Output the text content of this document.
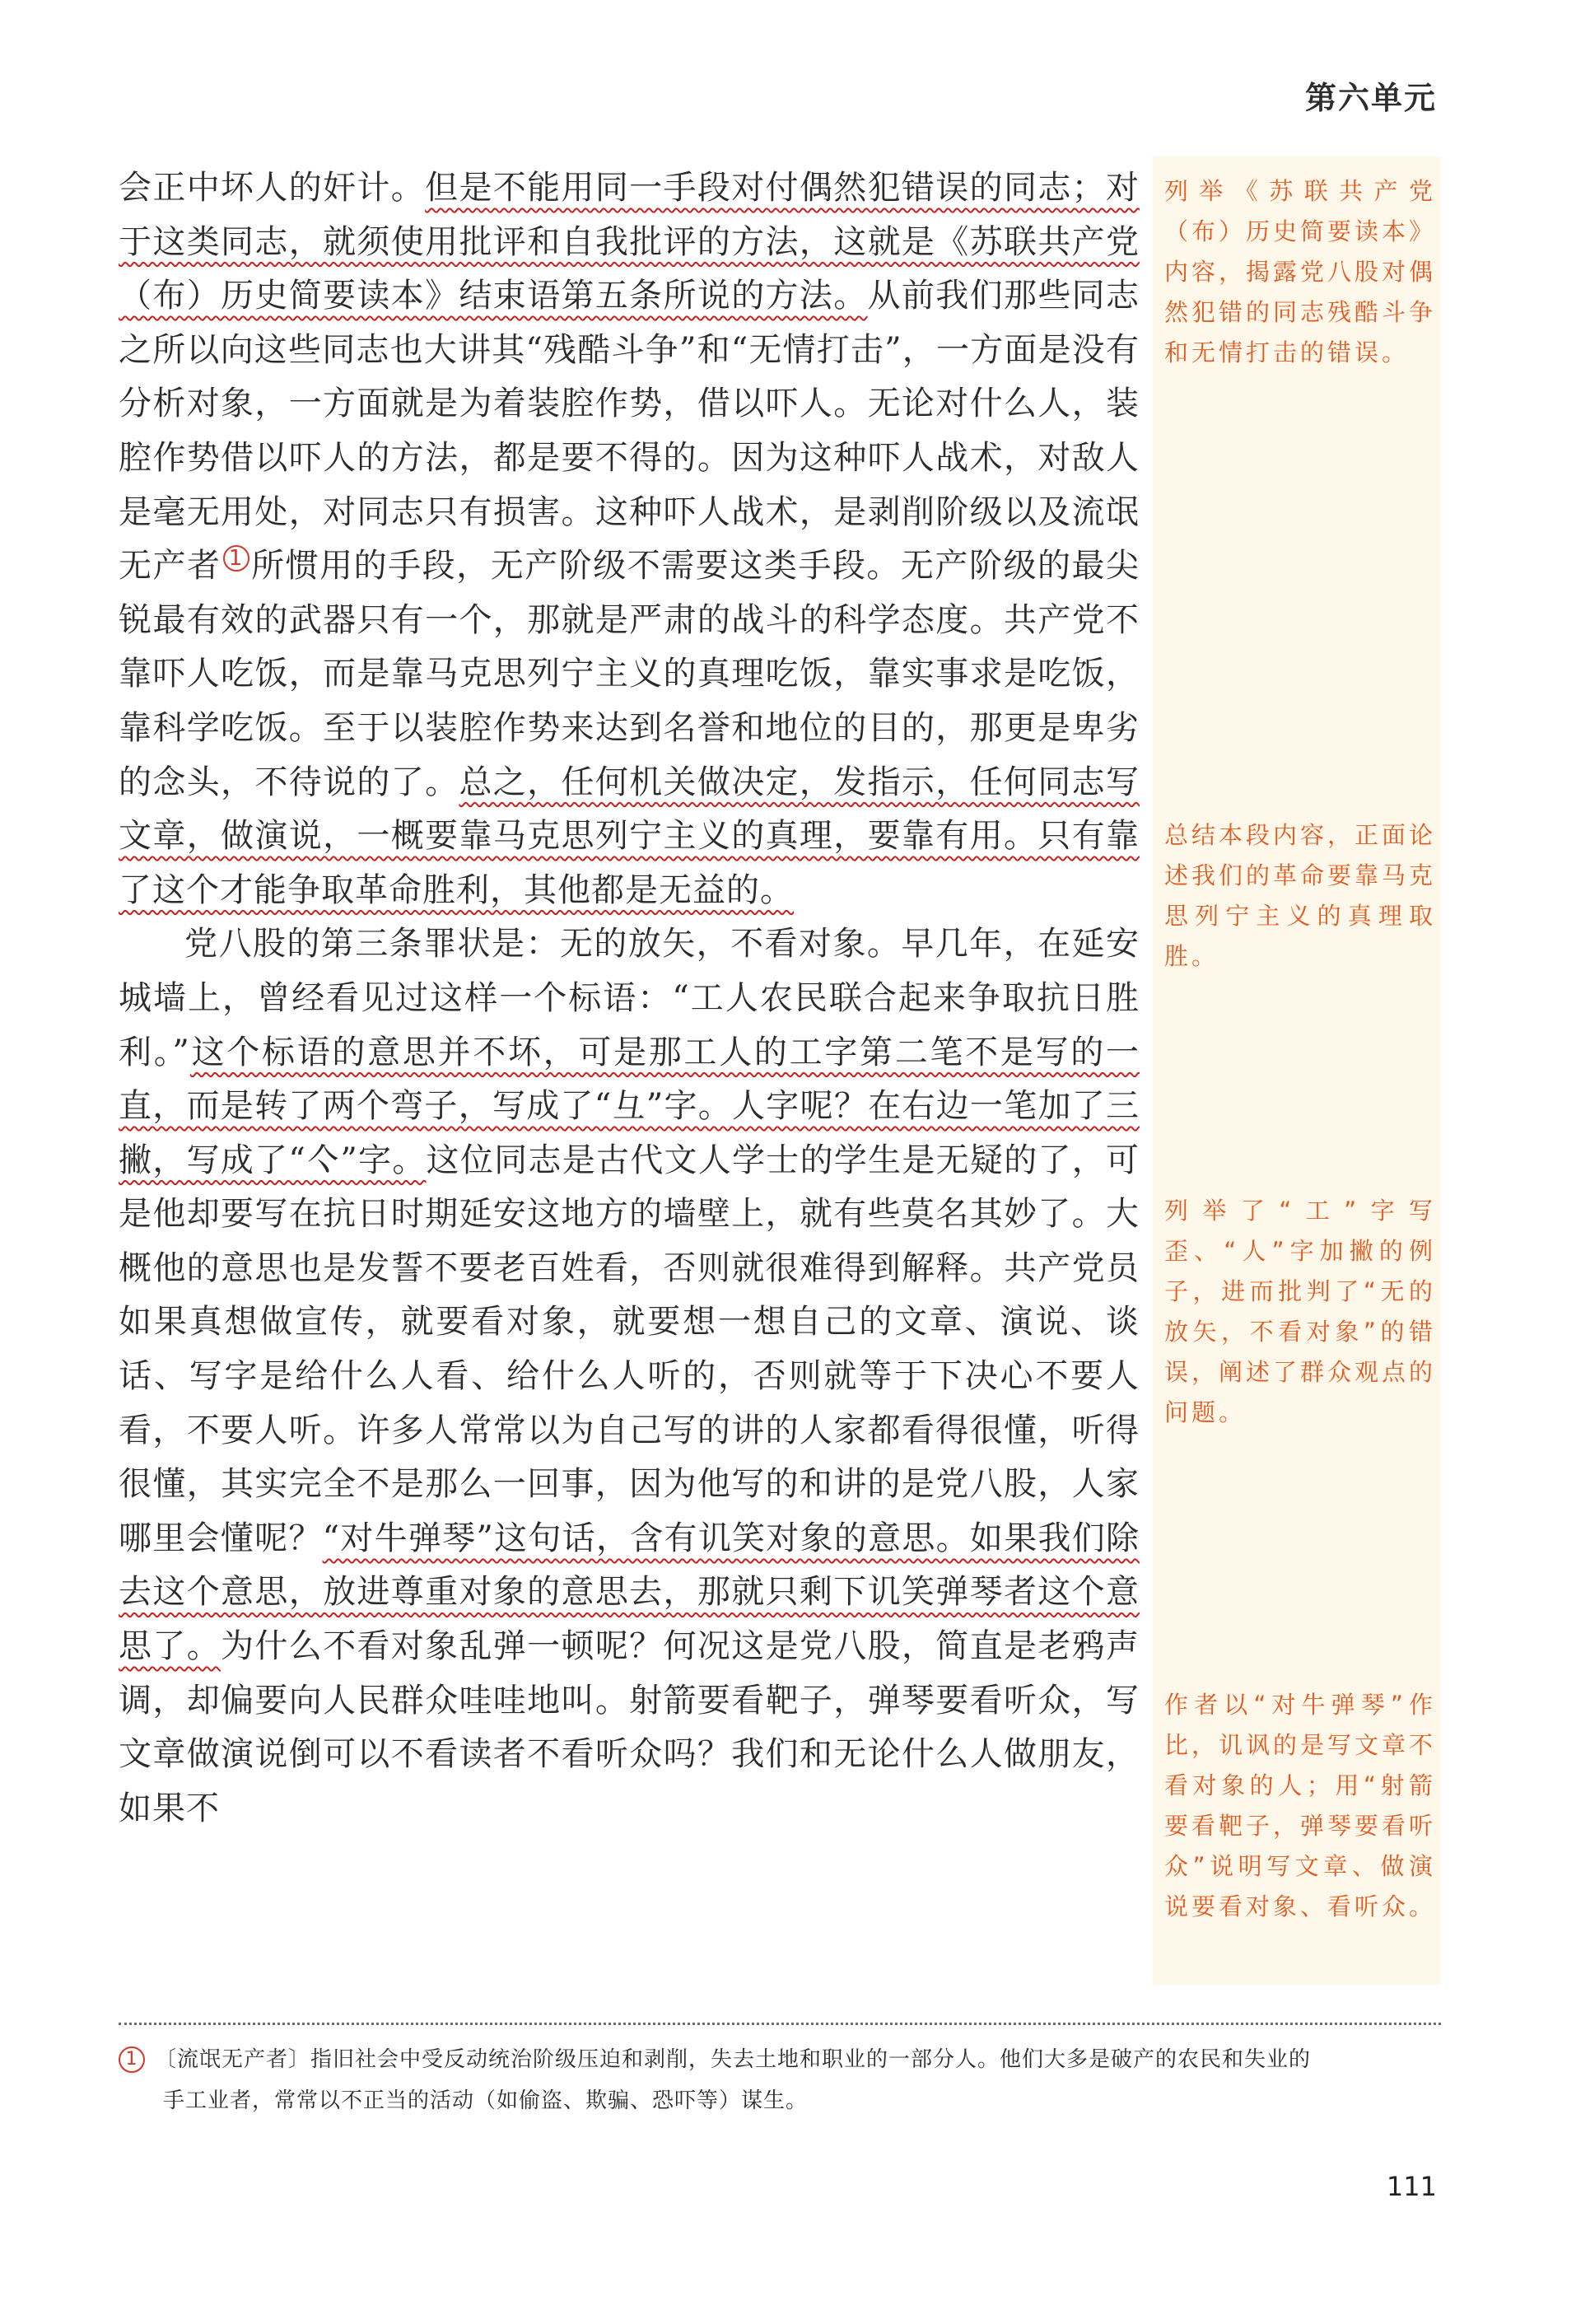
第六单元

会正中坏人的奸计。但是不能用同一手段对付偶然犯错误的同志；对于这类同志，就须使用批评和自我批评的方法，这就是《苏联共产党（布）历史简要读本》结束语第五条所说的方法。从前我们那些同志之所以向这些同志也大讲其“残酷斗争”和“无情打击”，一方面是没有分析对象，一方面就是为着装腔作势，借以吓人。无论对什么人，装腔作势借以吓人的方法，都是要不得的。因为这种吓人战术，对敌人是毫无用处，对同志只有损害。这种吓人战术，是剥削阶级以及流氓无产者 $^1$ 所惯用的手段，无产阶级不需要这类手段。无产阶级的最尖锐最有效的武器只有一个，那就是严肃的战斗的科学态度。共产党不靠吓人吃饭，而是靠马克思列宁主义的真理吃饭，靠实事求是吃饭，靠科学吃饭。至于以装腔作势来达到名誉和地位的目的，那更是卑劣的念头，不待说的了。总之，任何机关做决定，发指示，任何同志写文章，做演说，一概要靠马克思列宁主义的真理，要靠有用。只有靠了这个才能争取革命胜利，其他都是无益的。

党八股的第三条罪状是：无的放矢，不看对象。早几年，在延安城墙上，曾经看见过这样一个标语：“工人农民联合起来争取抗日胜利。”这个标语的意思并不坏，可是那工人的工字第二笔不是写的一直，而是转了两个弯子，写成了“彑”字。人字呢？在右边一笔加了三撇，写成了“亽”字。这位同志是古代文人学士的学生是无疑的了，可是他却要写在抗日时期延安这地方的墙壁上，就有些莫名其妙了。大概他的意思也是发誓不要老百姓看，否则就很难得到解释。共产党员如果真想做宣传，就要看对象，就要想一想自己的文章、演说、谈话、写字是给什么人看、给什么人听的，否则就等于下决心不要人看，不要人听。许多人常常以为自己写的讲的人家都看得很懂，听得很懂，其实完全不是那么一回事，因为他写的和讲的是党八股，人家哪里会懂呢？“对牛弹琴”这句话，含有讥笑对象的意思。如果我们除去这个意思，放进尊重对象的意思去，那就只剩下讥笑弹琴者这个意思了。为什么不看对象乱弹一顿呢？何况这是党八股，简直是老鸦声调，却偏要向人民群众哇哇地叫。射箭要看靶子，弹琴要看听众，写文章做演说倒可以不看读者不看听众吗？我们和无论什么人做朋友，如果不

列举《苏联共产党（布）历史简要读本》内容，揭露党八股对偶然犯错的同志残酷斗争和无情打击的错误。
总结本段内容，正面论述我们的革命要靠马克思列宁主义的真理取胜。
列举了“工”字写歪、“人”字加撇的例子，进而批判了“无的放矢，不看对象”的错误，阐述了群众观点的问题。
作者以“对牛弹琴”作比，讥讽的是写文章不看对象的人；用“射箭要看靶子，弹琴要看听众”说明写文章、做演说要看对象、看听众。
1 〔流氓无产者〕指旧社会中受反动统治阶级压迫和剥削，失去土地和职业的一部分人。他们大多是破产的农民和失业的
手工业者，常常以不正当的活动（如偷盗、欺骗、恐吓等）谋生。
111
